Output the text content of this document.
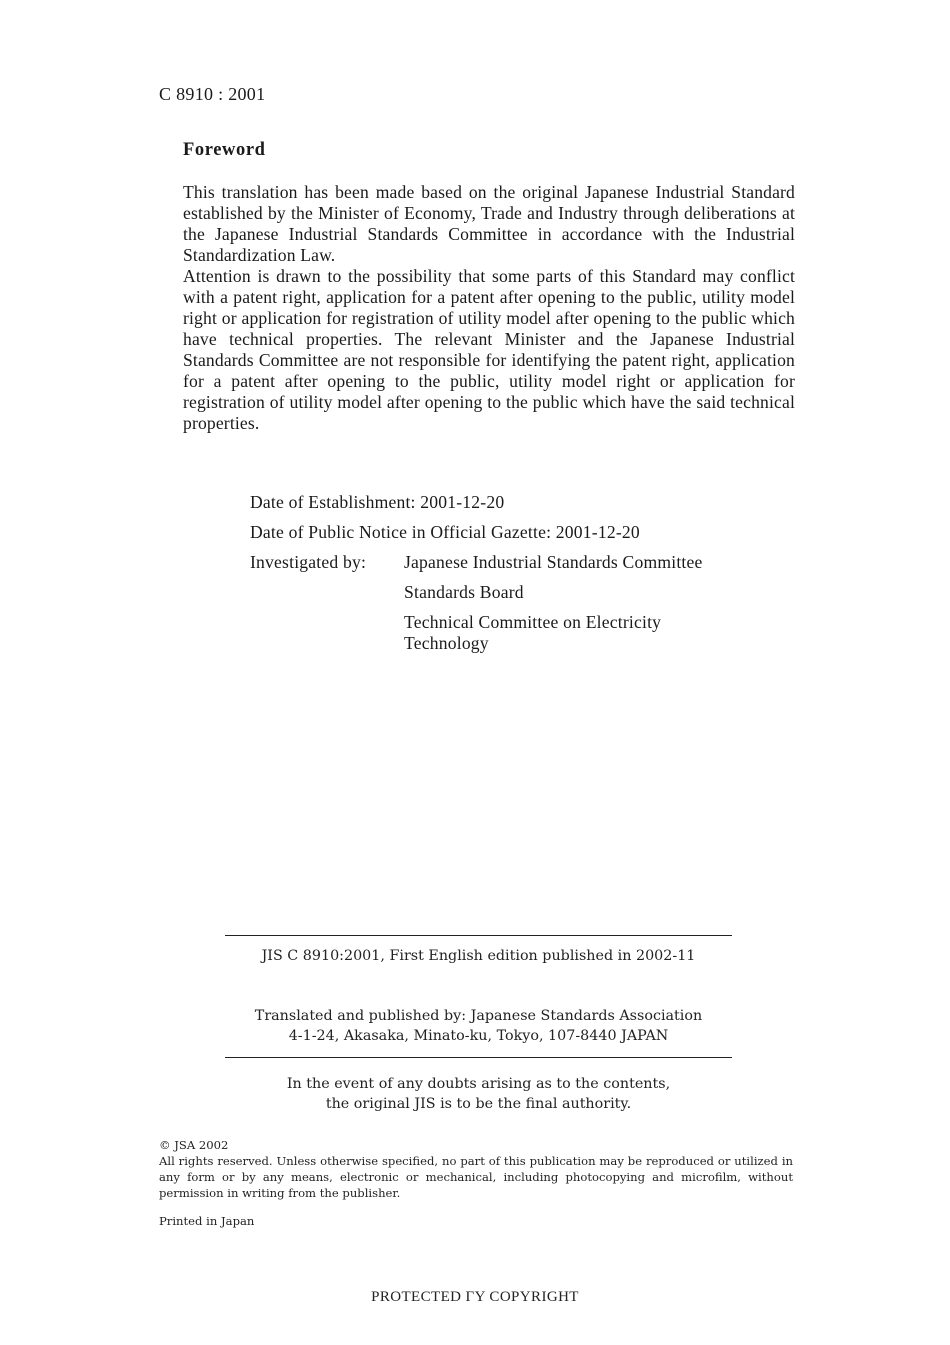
C 8910 : 2001
Foreword

This translation has been made based on the original Japanese Industrial Standard established by the Minister of Economy, Trade and Industry through deliberations at the Japanese Industrial Standards Committee in accordance with the Industrial Standardization Law.

Attention is drawn to the possibility that some parts of this Standard may conflict with a patent right, application for a patent after opening to the public, utility model right or application for registration of utility model after opening to the public which have technical properties. The relevant Minister and the Japanese Industrial Standards Committee are not responsible for identifying the patent right, application for a patent after opening to the public, utility model right or application for registration of utility model after opening to the public which have the said technical properties.

Date of Establishment: 2001-12-20
Date of Public Notice in Official Gazette: 2001-12-20
Investigated by: Japanese Industrial Standards Committee
Standards Board
Technical Committee on Electricity Technology
JIS C 8910:2001, First English edition published in 2002-11
Translated and published by: Japanese Standards Association
4-1-24, Akasaka, Minato-ku, Tokyo, 107-8440 JAPAN
In the event of any doubts arising as to the contents,
the original JIS is to be the final authority.
© JSA 2002
All rights reserved. Unless otherwise specified, no part of this publication may be reproduced or utilized in any form or by any means, electronic or mechanical, including photocopying and microfilm, without permission in writing from the publisher.
Printed in Japan
PROTECTED ГY COPYRIGHT
